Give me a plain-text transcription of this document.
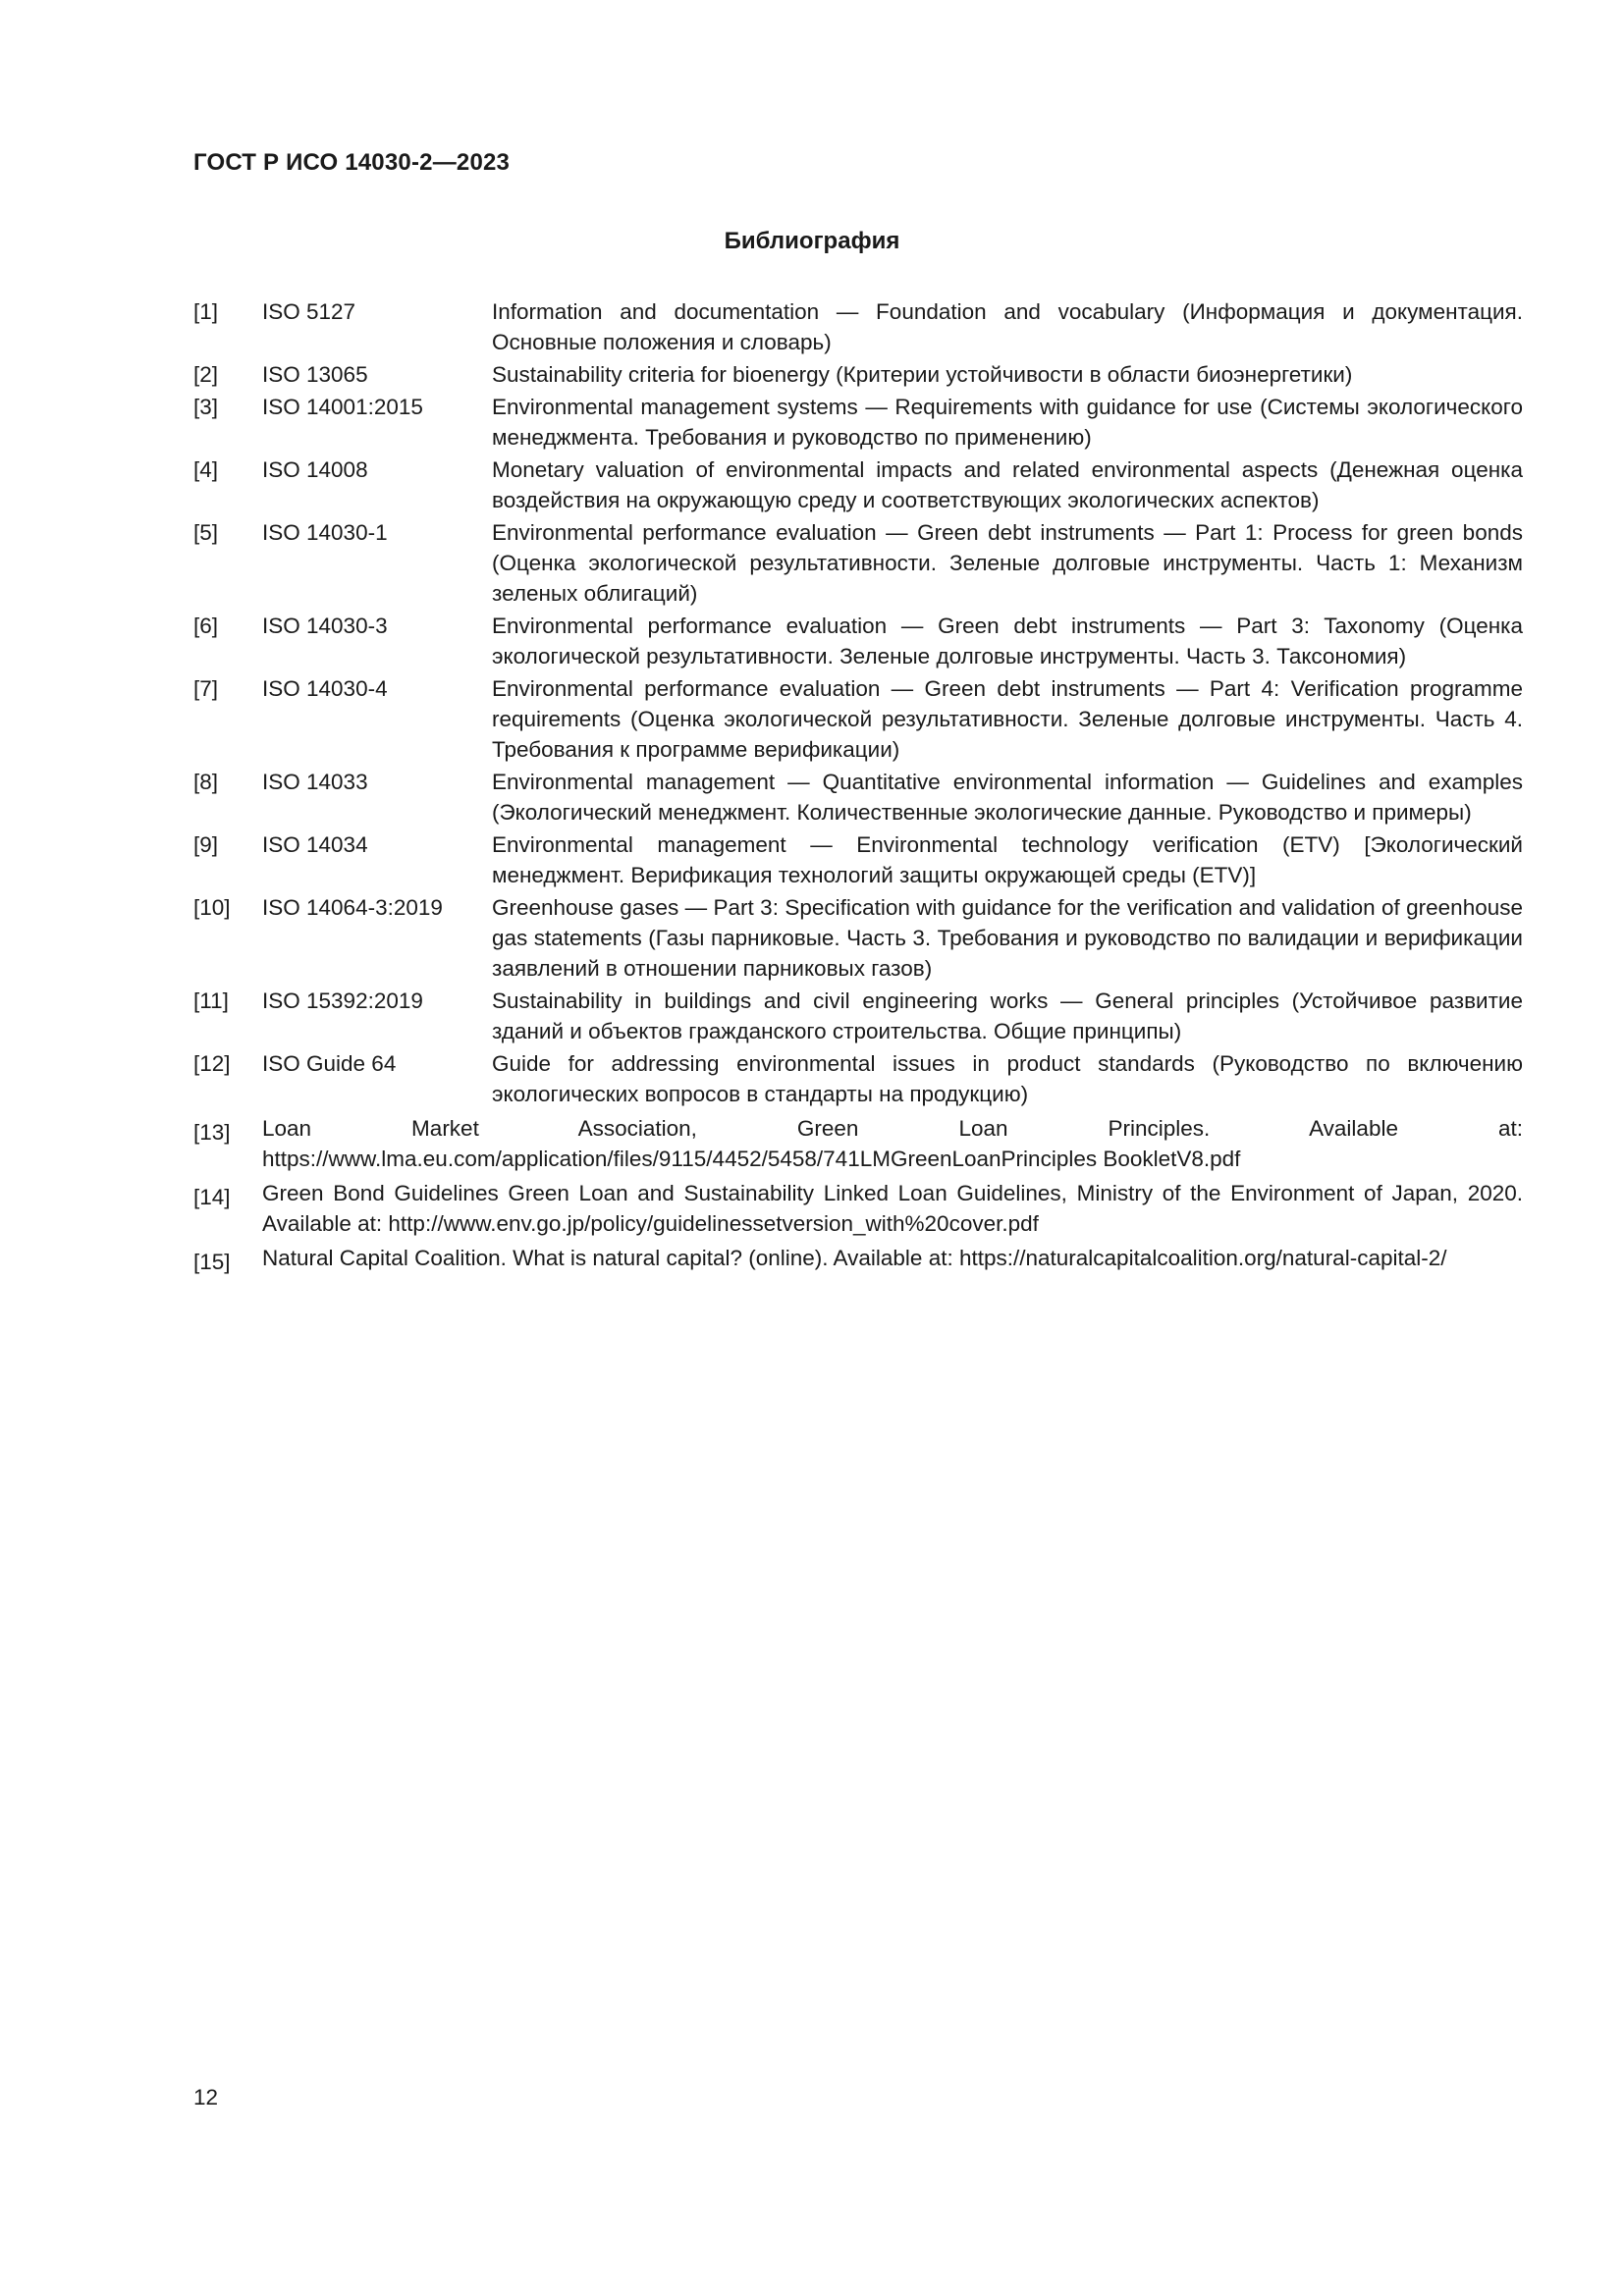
ГОСТ Р ИСО 14030-2—2023
Библиография
[1]	ISO 5127	Information and documentation — Foundation and vocabulary (Информация и документация. Основные положения и словарь)
[2]	ISO 13065	Sustainability criteria for bioenergy (Критерии устойчивости в области биоэнергетики)
[3]	ISO 14001:2015	Environmental management systems — Requirements with guidance for use (Системы экологического менеджмента. Требования и руководство по применению)
[4]	ISO 14008	Monetary valuation of environmental impacts and related environmental aspects (Денежная оценка воздействия на окружающую среду и соответствующих экологических аспектов)
[5]	ISO 14030-1	Environmental performance evaluation — Green debt instruments — Part 1: Process for green bonds (Оценка экологической результативности. Зеленые долговые инструменты. Часть 1: Механизм зеленых облигаций)
[6]	ISO 14030-3	Environmental performance evaluation — Green debt instruments — Part 3: Taxonomy (Оценка экологической результативности. Зеленые долговые инструменты. Часть 3. Таксономия)
[7]	ISO 14030-4	Environmental performance evaluation — Green debt instruments — Part 4: Verification programme requirements (Оценка экологической результативности. Зеленые долговые инструменты. Часть 4. Требования к программе верификации)
[8]	ISO 14033	Environmental management — Quantitative environmental information — Guidelines and examples (Экологический менеджмент. Количественные экологические данные. Руководство и примеры)
[9]	ISO 14034	Environmental management — Environmental technology verification (ETV) [Экологический менеджмент. Верификация технологий защиты окружающей среды (ETV)]
[10]	ISO 14064-3:2019	Greenhouse gases — Part 3: Specification with guidance for the verification and validation of greenhouse gas statements (Газы парниковые. Часть 3. Требования и руководство по валидации и верификации заявлений в отношении парниковых газов)
[11]	ISO 15392:2019	Sustainability in buildings and civil engineering works — General principles (Устойчивое развитие зданий и объектов гражданского строительства. Общие принципы)
[12]	ISO Guide 64	Guide for addressing environmental issues in product standards (Руководство по включению экологических вопросов в стандарты на продукцию)
[13]	Loan Market Association, Green Loan Principles. Available at: https://www.lma.eu.com/application/files/9115/4452/5458/741LMGreenLoanPrinciples BookletV8.pdf
[14]	Green Bond Guidelines Green Loan and Sustainability Linked Loan Guidelines, Ministry of the Environment of Japan, 2020. Available at: http://www.env.go.jp/policy/guidelinessetversion_with%20cover.pdf
[15]	Natural Capital Coalition. What is natural capital? (online). Available at: https://naturalcapitalcoalition.org/natural-capital-2/
12
